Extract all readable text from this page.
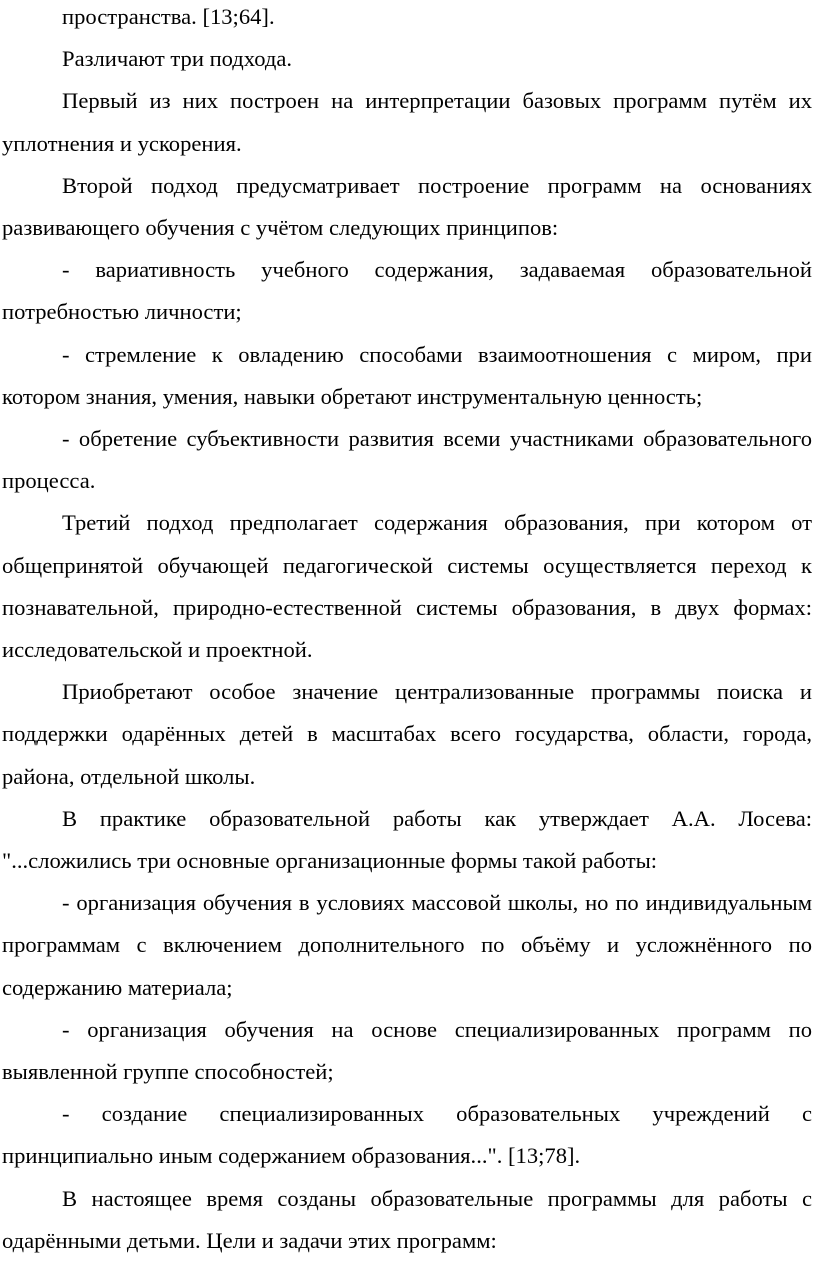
пространства. [13;64].

Различают три подхода.

Первый из них построен на интерпретации базовых программ путём их уплотнения и ускорения.

Второй подход предусматривает построение программ на основаниях развивающего обучения с учётом следующих принципов:

- вариативность учебного содержания, задаваемая образовательной потребностью личности;

- стремление к овладению способами взаимоотношения с миром, при котором знания, умения, навыки обретают инструментальную ценность;

- обретение субъективности развития всеми участниками образовательного процесса.

Третий подход предполагает содержания образования, при котором от общепринятой обучающей педагогической системы осуществляется переход к познавательной, природно-естественной системы образования, в двух формах: исследовательской и проектной.

Приобретают особое значение централизованные программы поиска и поддержки одарённых детей в масштабах всего государства, области, города, района, отдельной школы.

В практике образовательной работы как утверждает А.А. Лосева: "...сложились три основные организационные формы такой работы:

- организация обучения в условиях массовой школы, но по индивидуальным программам с включением дополнительного по объёму и усложнённого по содержанию материала;

- организация обучения на основе специализированных программ по выявленной группе способностей;

- создание специализированных образовательных учреждений с принципиально иным содержанием образования...". [13;78].

В настоящее время созданы образовательные программы для работы с одарёнными детьми. Цели и задачи этих программ:
